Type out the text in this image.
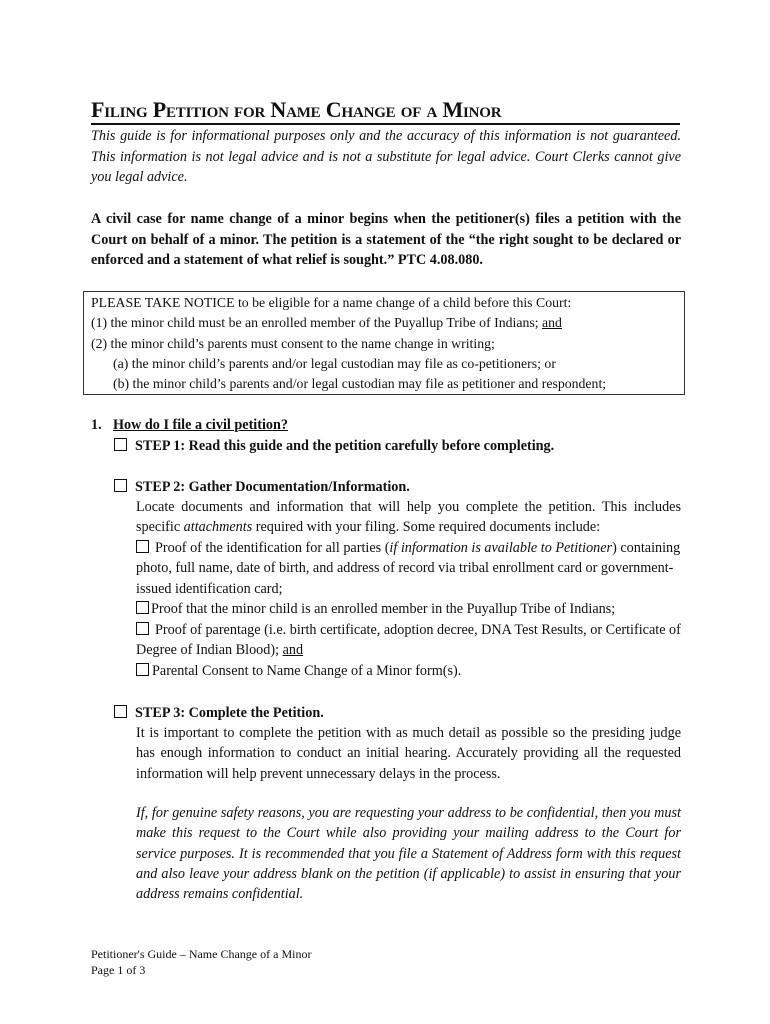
Filing Petition for Name Change of a Minor
This guide is for informational purposes only and the accuracy of this information is not guaranteed. This information is not legal advice and is not a substitute for legal advice. Court Clerks cannot give you legal advice.
A civil case for name change of a minor begins when the petitioner(s) files a petition with the Court on behalf of a minor. The petition is a statement of the “the right sought to be declared or enforced and a statement of what relief is sought.” PTC 4.08.080.
PLEASE TAKE NOTICE to be eligible for a name change of a child before this Court:
(1) the minor child must be an enrolled member of the Puyallup Tribe of Indians; and
(2) the minor child’s parents must consent to the name change in writing;
(a) the minor child’s parents and/or legal custodian may file as co-petitioners; or
(b) the minor child’s parents and/or legal custodian may file as petitioner and respondent;
1. How do I file a civil petition?
STEP 1: Read this guide and the petition carefully before completing.
STEP 2: Gather Documentation/Information.
Locate documents and information that will help you complete the petition. This includes specific attachments required with your filing. Some required documents include:
Proof of the identification for all parties (if information is available to Petitioner) containing photo, full name, date of birth, and address of record via tribal enrollment card or government-issued identification card;
Proof that the minor child is an enrolled member in the Puyallup Tribe of Indians;
Proof of parentage (i.e. birth certificate, adoption decree, DNA Test Results, or Certificate of Degree of Indian Blood); and
Parental Consent to Name Change of a Minor form(s).
STEP 3: Complete the Petition.
It is important to complete the petition with as much detail as possible so the presiding judge has enough information to conduct an initial hearing. Accurately providing all the requested information will help prevent unnecessary delays in the process.
If, for genuine safety reasons, you are requesting your address to be confidential, then you must make this request to the Court while also providing your mailing address to the Court for service purposes. It is recommended that you file a Statement of Address form with this request and also leave your address blank on the petition (if applicable) to assist in ensuring that your address remains confidential.
Petitioner's Guide – Name Change of a Minor
Page 1 of 3
